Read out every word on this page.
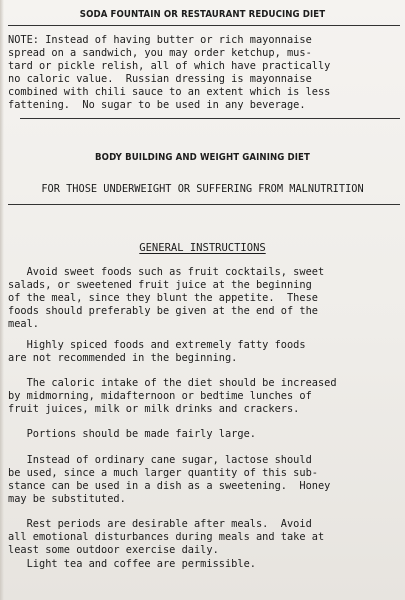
SODA FOUNTAIN OR RESTAURANT REDUCING DIET
NOTE: Instead of having butter or rich mayonnaise
spread on a sandwich, you may order ketchup, mus-
tard or pickle relish, all of which have practically
no caloric value.  Russian dressing is mayonnaise
combined with chili sauce to an extent which is less
fattening.  No sugar to be used in any beverage.
BODY BUILDING AND WEIGHT GAINING DIET
FOR THOSE UNDERWEIGHT OR SUFFERING FROM MALNUTRITION
GENERAL INSTRUCTIONS
Avoid sweet foods such as fruit cocktails, sweet
salads, or sweetened fruit juice at the beginning
of the meal, since they blunt the appetite.  These
foods should preferably be given at the end of the
meal.
Highly spiced foods and extremely fatty foods
are not recommended in the beginning.
The caloric intake of the diet should be increased
by midmorning, midafternoon or bedtime lunches of
fruit juices, milk or milk drinks and crackers.
Portions should be made fairly large.
Instead of ordinary cane sugar, lactose should
be used, since a much larger quantity of this sub-
stance can be used in a dish as a sweetening.  Honey
may be substituted.
Rest periods are desirable after meals.  Avoid
all emotional disturbances during meals and take at
least some outdoor exercise daily.
Light tea and coffee are permissible.
